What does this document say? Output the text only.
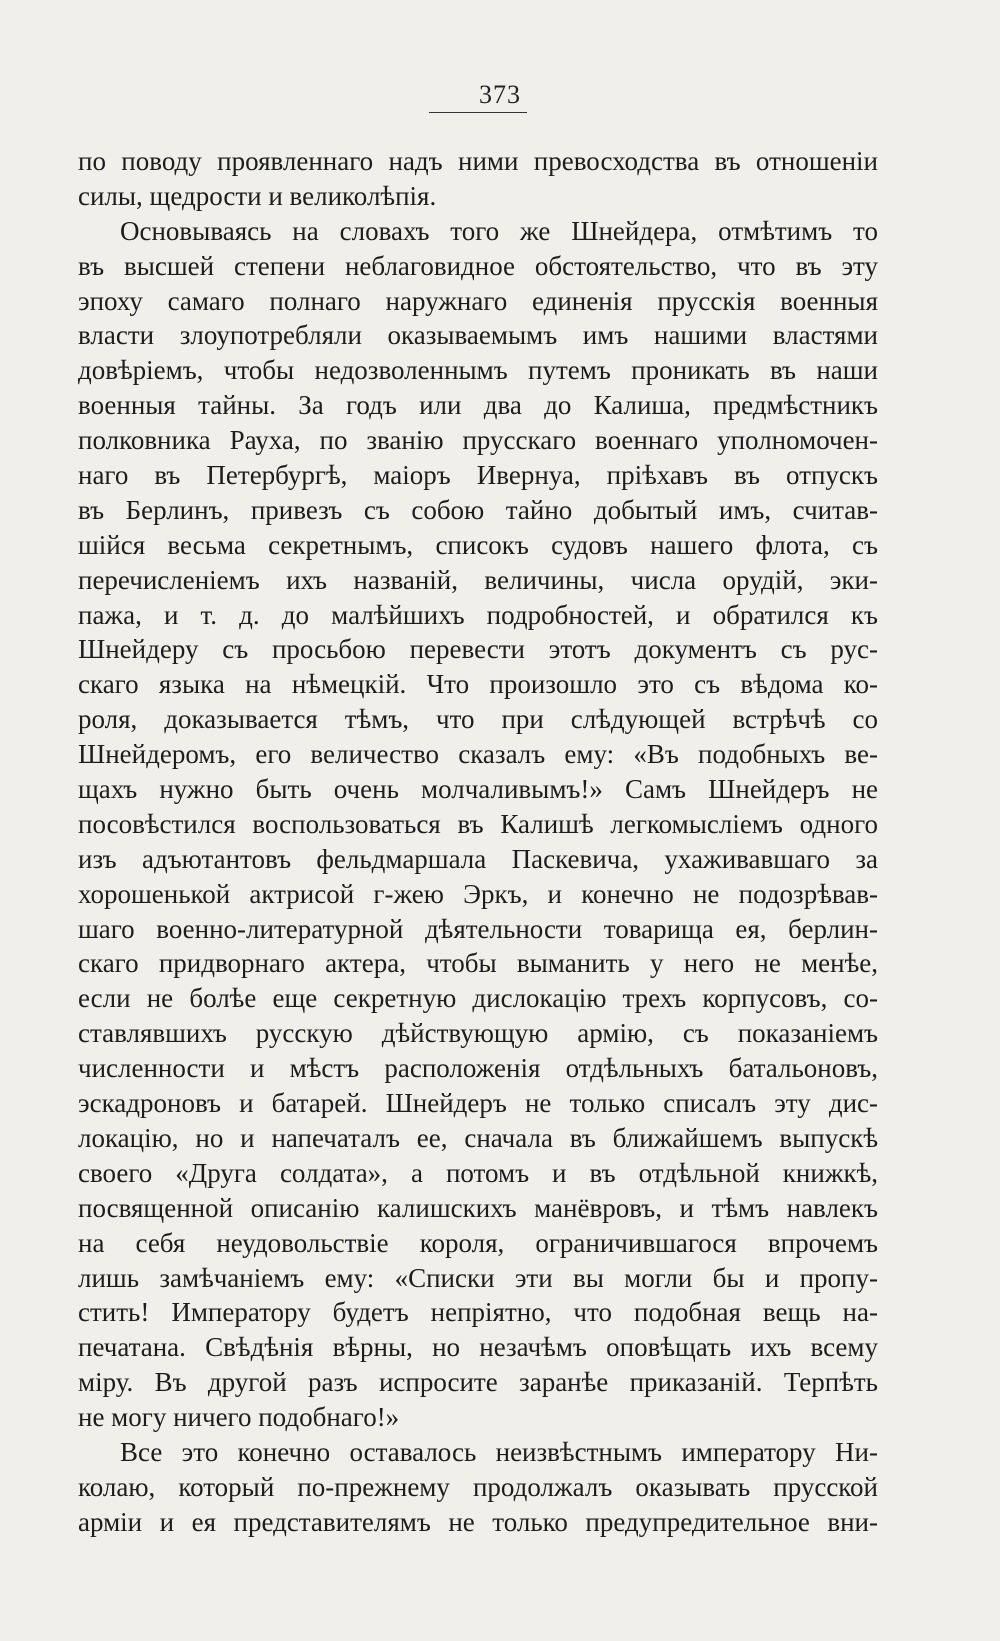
373
по поводу проявленнаго надъ ними превосходства въ отношеніи
силы, щедрости и великолѣпія.
Основываясь на словахъ того же Шнейдера, отмѣтимъ то
въ высшей степени неблаговидное обстоятельство, что въ эту
эпоху самаго полнаго наружнаго единенія прусскія военныя
власти злоупотребляли оказываемымъ имъ нашими властями
довѣріемъ, чтобы недозволеннымъ путемъ проникать въ наши
военныя тайны. За годъ или два до Калиша, предмѣстникъ
полковника Рауха, по званію прусскаго военнаго уполномочен-
наго въ Петербургѣ, маіоръ Ивернуа, пріѣхавъ въ отпускъ
въ Берлинъ, привезъ съ собою тайно добытый имъ, считав-
шійся весьма секретнымъ, списокъ судовъ нашего флота, съ
перечисленіемъ ихъ названій, величины, числа орудій, эки-
пажа, и т. д. до малѣйшихъ подробностей, и обратился къ
Шнейдеру съ просьбою перевести этотъ документъ съ рус-
скаго языка на нѣмецкій. Что произошло это съ вѣдома ко-
роля, доказывается тѣмъ, что при слѣдующей встрѣчѣ со
Шнейдеромъ, его величество сказалъ ему: «Въ подобныхъ ве-
щахъ нужно быть очень молчаливымъ!» Самъ Шнейдеръ не
посовѣстился воспользоваться въ Калишѣ легкомысліемъ одного
изъ адъютантовъ фельдмаршала Паскевича, ухаживавшаго за
хорошенькой актрисой г-жею Эркъ, и конечно не подозрѣвав-
шаго военно-литературной дѣятельности товарища ея, берлин-
скаго придворнаго актера, чтобы выманить у него не менѣе,
если не болѣе еще секретную дислокацію трехъ корпусовъ, со-
ставлявшихъ русскую дѣйствующую армію, съ показаніемъ
численности и мѣстъ расположенія отдѣльныхъ батальоновъ,
эскадроновъ и батарей. Шнейдеръ не только списалъ эту дис-
локацію, но и напечаталъ ее, сначала въ ближайшемъ выпускѣ
своего «Друга солдата», а потомъ и въ отдѣльной книжкѣ,
посвященной описанію калишскихъ манёвровъ, и тѣмъ навлекъ
на себя неудовольствіе короля, ограничившагося впрочемъ
лишь замѣчаніемъ ему: «Списки эти вы могли бы и пропу-
стить! Императору будетъ непріятно, что подобная вещь на-
печатана. Свѣдѣнія вѣрны, но незачѣмъ оповѣщать ихъ всему
міру. Въ другой разъ испросите заранѣе приказаній. Терпѣть
не могу ничего подобнаго!»
Все это конечно оставалось неизвѣстнымъ императору Ни-
колаю, который по-прежнему продолжалъ оказывать прусской
арміи и ея представителямъ не только предупредительное вни-
